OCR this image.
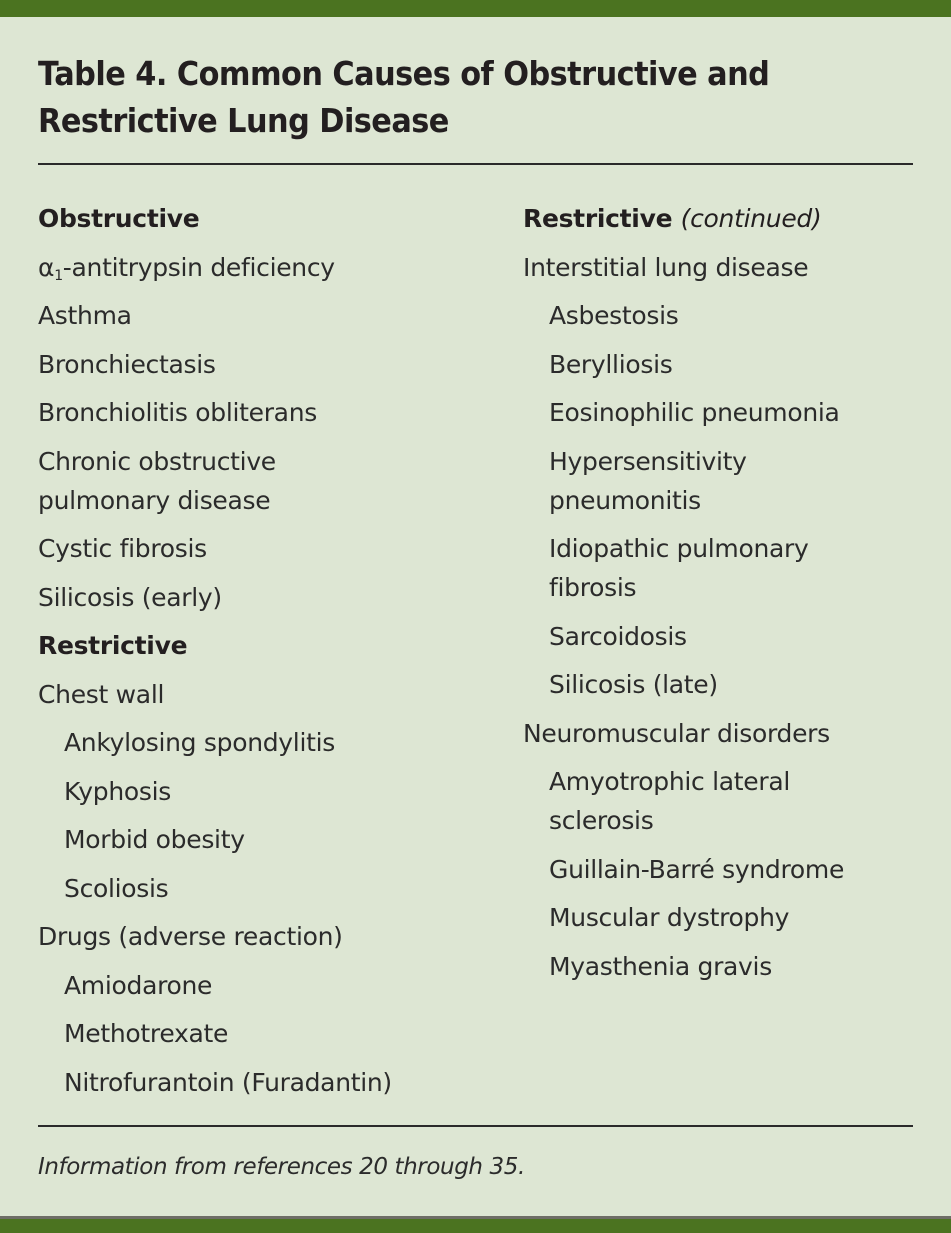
Table 4. Common Causes of Obstructive and
Restrictive Lung Disease
Obstructive
$\alpha_1$-antitrypsin deficiency
Asthma
Bronchiectasis
Bronchiolitis obliterans
Chronic obstructive
pulmonary disease
Cystic fibrosis
Silicosis (early)
Restrictive
Chest wall
Ankylosing spondylitis
Kyphosis
Morbid obesity
Scoliosis
Drugs (adverse reaction)
Amiodarone
Methotrexate
Nitrofurantoin (Furadantin)
Restrictive (continued)
Interstitial lung disease
Asbestosis
Berylliosis
Eosinophilic pneumonia
Hypersensitivity
pneumonitis
Idiopathic pulmonary
fibrosis
Sarcoidosis
Silicosis (late)
Neuromuscular disorders
Amyotrophic lateral
sclerosis
Guillain-Barré syndrome
Muscular dystrophy
Myasthenia gravis

Information from references 20 through 35.
